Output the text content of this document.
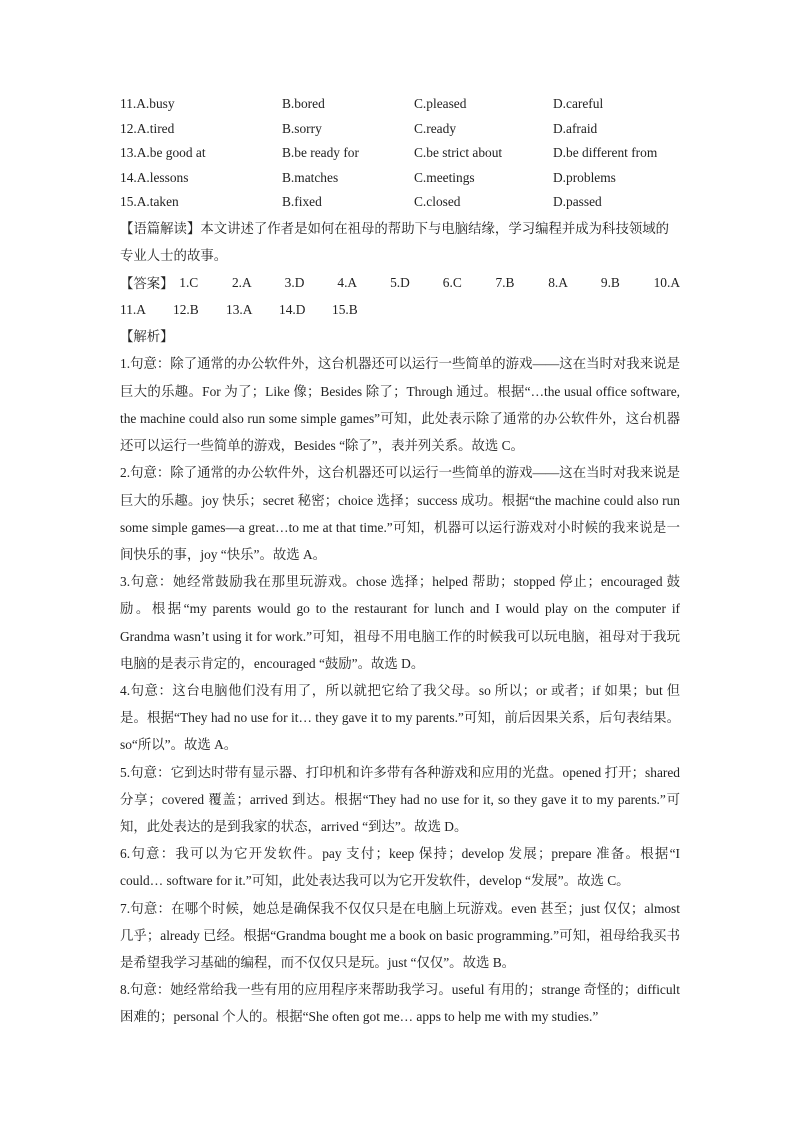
11.A.busy	B.bored	C.pleased	D.careful
12.A.tired	B.sorry	C.ready	D.afraid
13.A.be good at	B.be ready for	C.be strict about	D.be different from
14.A.lessons	B.matches	C.meetings	D.problems
15.A.taken	B.fixed	C.closed	D.passed

【语篇解读】本文讲述了作者是如何在祖母的帮助下与电脑结缘，学习编程并成为科技领域的专业人士的故事。

【答案】 1.C	2.A	3.D	4.A	5.D	6.C	7.B	8.A	9.B	10.A
11.A	12.B	13.A	14.D	15.B

【解析】

1.句意：除了通常的办公软件外，这台机器还可以运行一些简单的游戏——这在当时对我来说是巨大的乐趣。For 为了；Like 像；Besides 除了；Through 通过。根据“…the usual office software, the machine could also run some simple games”可知，此处表示除了通常的办公软件外，这台机器还可以运行一些简单的游戏，Besides “除了”，表并列关系。故选 C。

2.句意：除了通常的办公软件外，这台机器还可以运行一些简单的游戏——这在当时对我来说是巨大的乐趣。joy 快乐；secret 秘密；choice 选择；success 成功。根据“the machine could also run some simple games—a great…to me at that time.”可知，机器可以运行游戏对小时候的我来说是一间快乐的事，joy “快乐”。故选 A。

3.句意：她经常鼓励我在那里玩游戏。chose 选择；helped 帮助；stopped 停止；encouraged 鼓励。根据“my parents would go to the restaurant for lunch and I would play on the computer if Grandma wasn’t using it for work.”可知，祖母不用电脑工作的时候我可以玩电脑，祖母对于我玩电脑的是表示肯定的，encouraged “鼓励”。故选 D。

4.句意：这台电脑他们没有用了，所以就把它给了我父母。so 所以；or 或者；if 如果；but 但是。根据“They had no use for it… they gave it to my parents.”可知，前后因果关系，后句表结果。so“所以”。故选 A。

5.句意：它到达时带有显示器、打印机和许多带有各种游戏和应用的光盘。opened 打开；shared 分享；covered 覆盖；arrived 到达。根据“They had no use for it, so they gave it to my parents.”可知，此处表达的是到我家的状态，arrived “到达”。故选 D。

6.句意：我可以为它开发软件。pay 支付；keep 保持；develop 发展；prepare 准备。根据“I could… software for it.”可知，此处表达我可以为它开发软件，develop “发展”。故选 C。

7.句意：在哪个时候，她总是确保我不仅仅只是在电脑上玩游戏。even 甚至；just 仅仅；almost 几乎；already 已经。根据“Grandma bought me a book on basic programming.”可知，祖母给我买书是希望我学习基础的编程，而不仅仅只是玩。just “仅仅”。故选 B。

8.句意：她经常给我一些有用的应用程序来帮助我学习。useful 有用的；strange 奇怪的；difficult 困难的；personal 个人的。根据“She often got me… apps to help me with my studies.”
